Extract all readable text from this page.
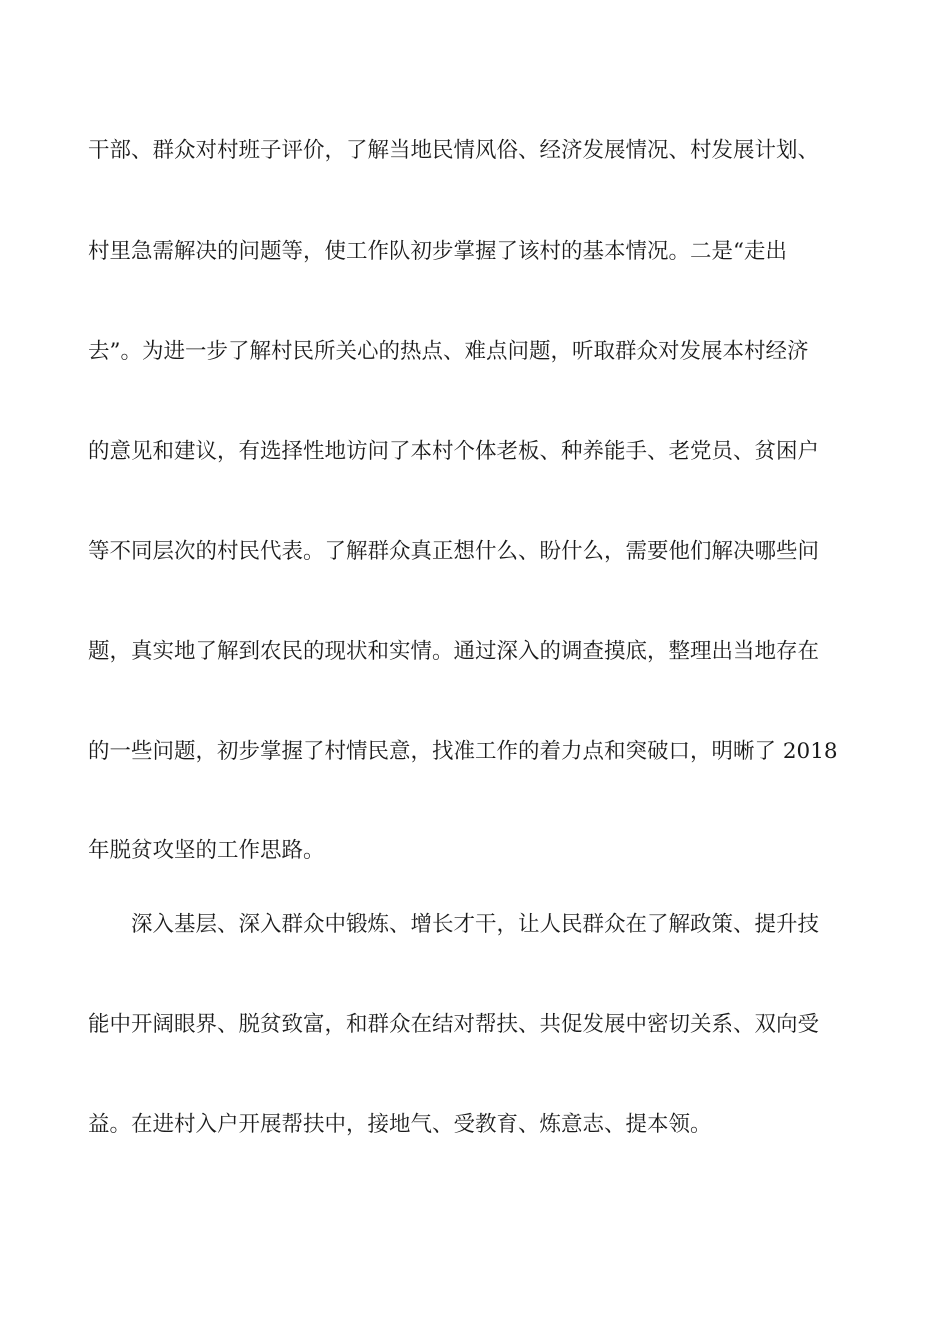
干部、群众对村班子评价，了解当地民情风俗、经济发展情况、村发展计划、
村里急需解决的问题等，使工作队初步掌握了该村的基本情况。二是“走出
去”。为进一步了解村民所关心的热点、难点问题，听取群众对发展本村经济
的意见和建议，有选择性地访问了本村个体老板、种养能手、老党员、贫困户
等不同层次的村民代表。了解群众真正想什么、盼什么，需要他们解决哪些问
题，真实地了解到农民的现状和实情。通过深入的调查摸底，整理出当地存在
的一些问题，初步掌握了村情民意，找准工作的着力点和突破口，明晰了 2018
年脱贫攻坚的工作思路。
深入基层、深入群众中锻炼、增长才干，让人民群众在了解政策、提升技
能中开阔眼界、脱贫致富，和群众在结对帮扶、共促发展中密切关系、双向受
益。在进村入户开展帮扶中，接地气、受教育、炼意志、提本领。
